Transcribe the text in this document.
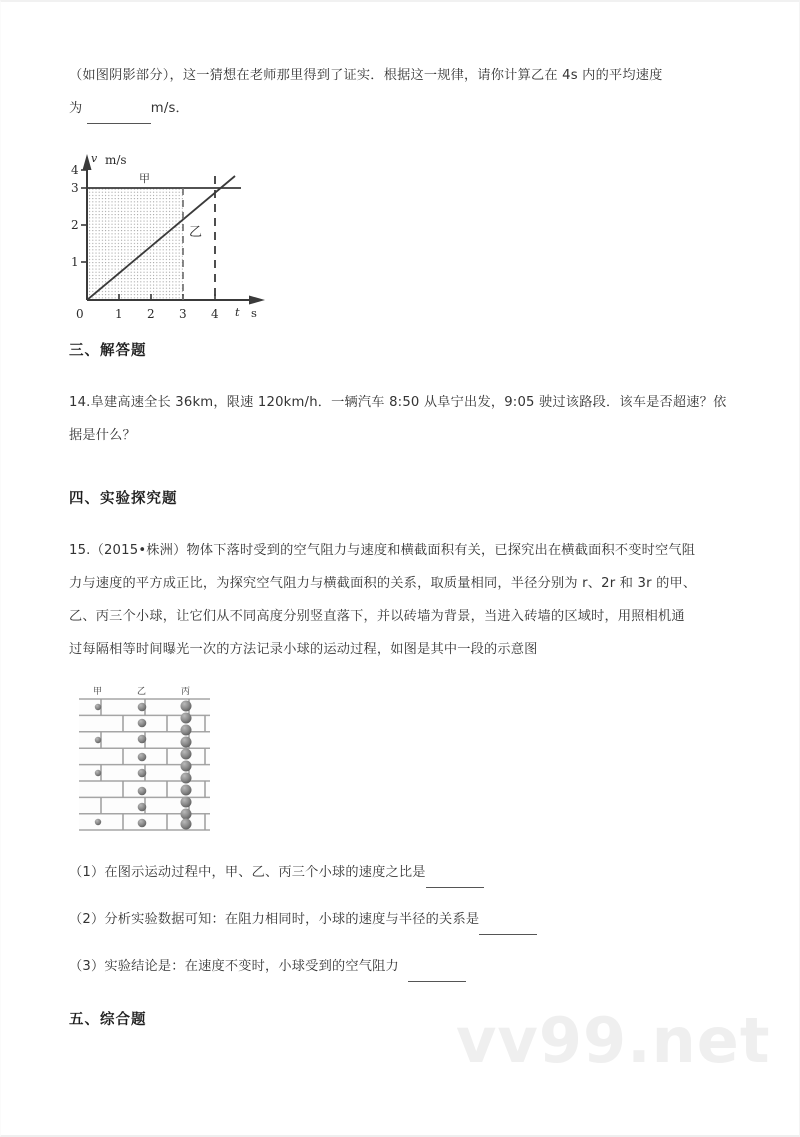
（如图阴影部分），这一猜想在老师那里得到了证实．根据这一规律，请你计算乙在 4s 内的平均速度

为	m/s．

v m/s
t s
4
3
2
1
0	1 2 3 4
甲
乙

三、解答题

14.阜建高速全长 36km，限速 120km/h．一辆汽车 8:50 从阜宁出发，9:05 驶过该路段．该车是否超速？依

据是什么？

四、实验探究题

15.（2015•株洲）物体下落时受到的空气阻力与速度和横截面积有关，已探究出在横截面积不变时空气阻

力与速度的平方成正比，为探究空气阻力与横截面积的关系，取质量相同，半径分别为 r、2r 和 3r 的甲、

乙、丙三个小球，让它们从不同高度分别竖直落下，并以砖墙为背景，当进入砖墙的区域时，用照相机通

过每隔相等时间曝光一次的方法记录小球的运动过程，如图是其中一段的示意图

甲	乙	丙

（1）在图示运动过程中，甲、乙、丙三个小球的速度之比是

（2）分析实验数据可知：在阻力相同时，小球的速度与半径的关系是

（3）实验结论是：在速度不变时，小球受到的空气阻力

五、综合题	vv99.net
